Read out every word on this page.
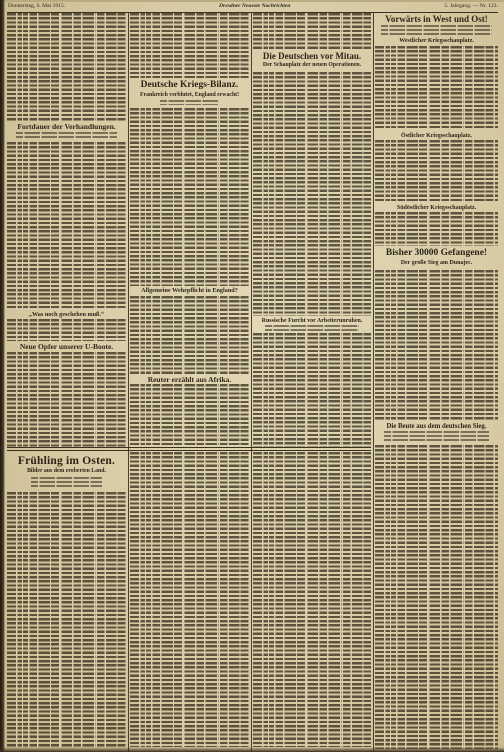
Donnerstag, 6. Mai 1915.	Dresdner Neueste Nachrichten	5. Jahrgang. — Nr. 123.
Fortdauer der Verhandlungen.
„Was noch geschehen muß.“
Neue Opfer unserer U-Boote.
Deutsche Kriegs-Bilanz.
Frankreich verblutet, England erwacht!
Allgemeine Wehrpflicht in England?
Reuter erzählt aus Afrika.
Die Deutschen vor Mitau.
Der Schauplatz der neuen Operationen.
Russische Furcht vor Arbeiterunruhen.
Vorwärts in West und Ost!
Westlicher Kriegsschauplatz.
Östlicher Kriegsschauplatz.
Südöstlicher Kriegsschauplatz.
Bisher 30000 Gefangene!
Der große Sieg am Dunajec.
Die Beute aus dem deutschen Sieg.
Frühling im Osten.
Bilder aus dem eroberten Land.
